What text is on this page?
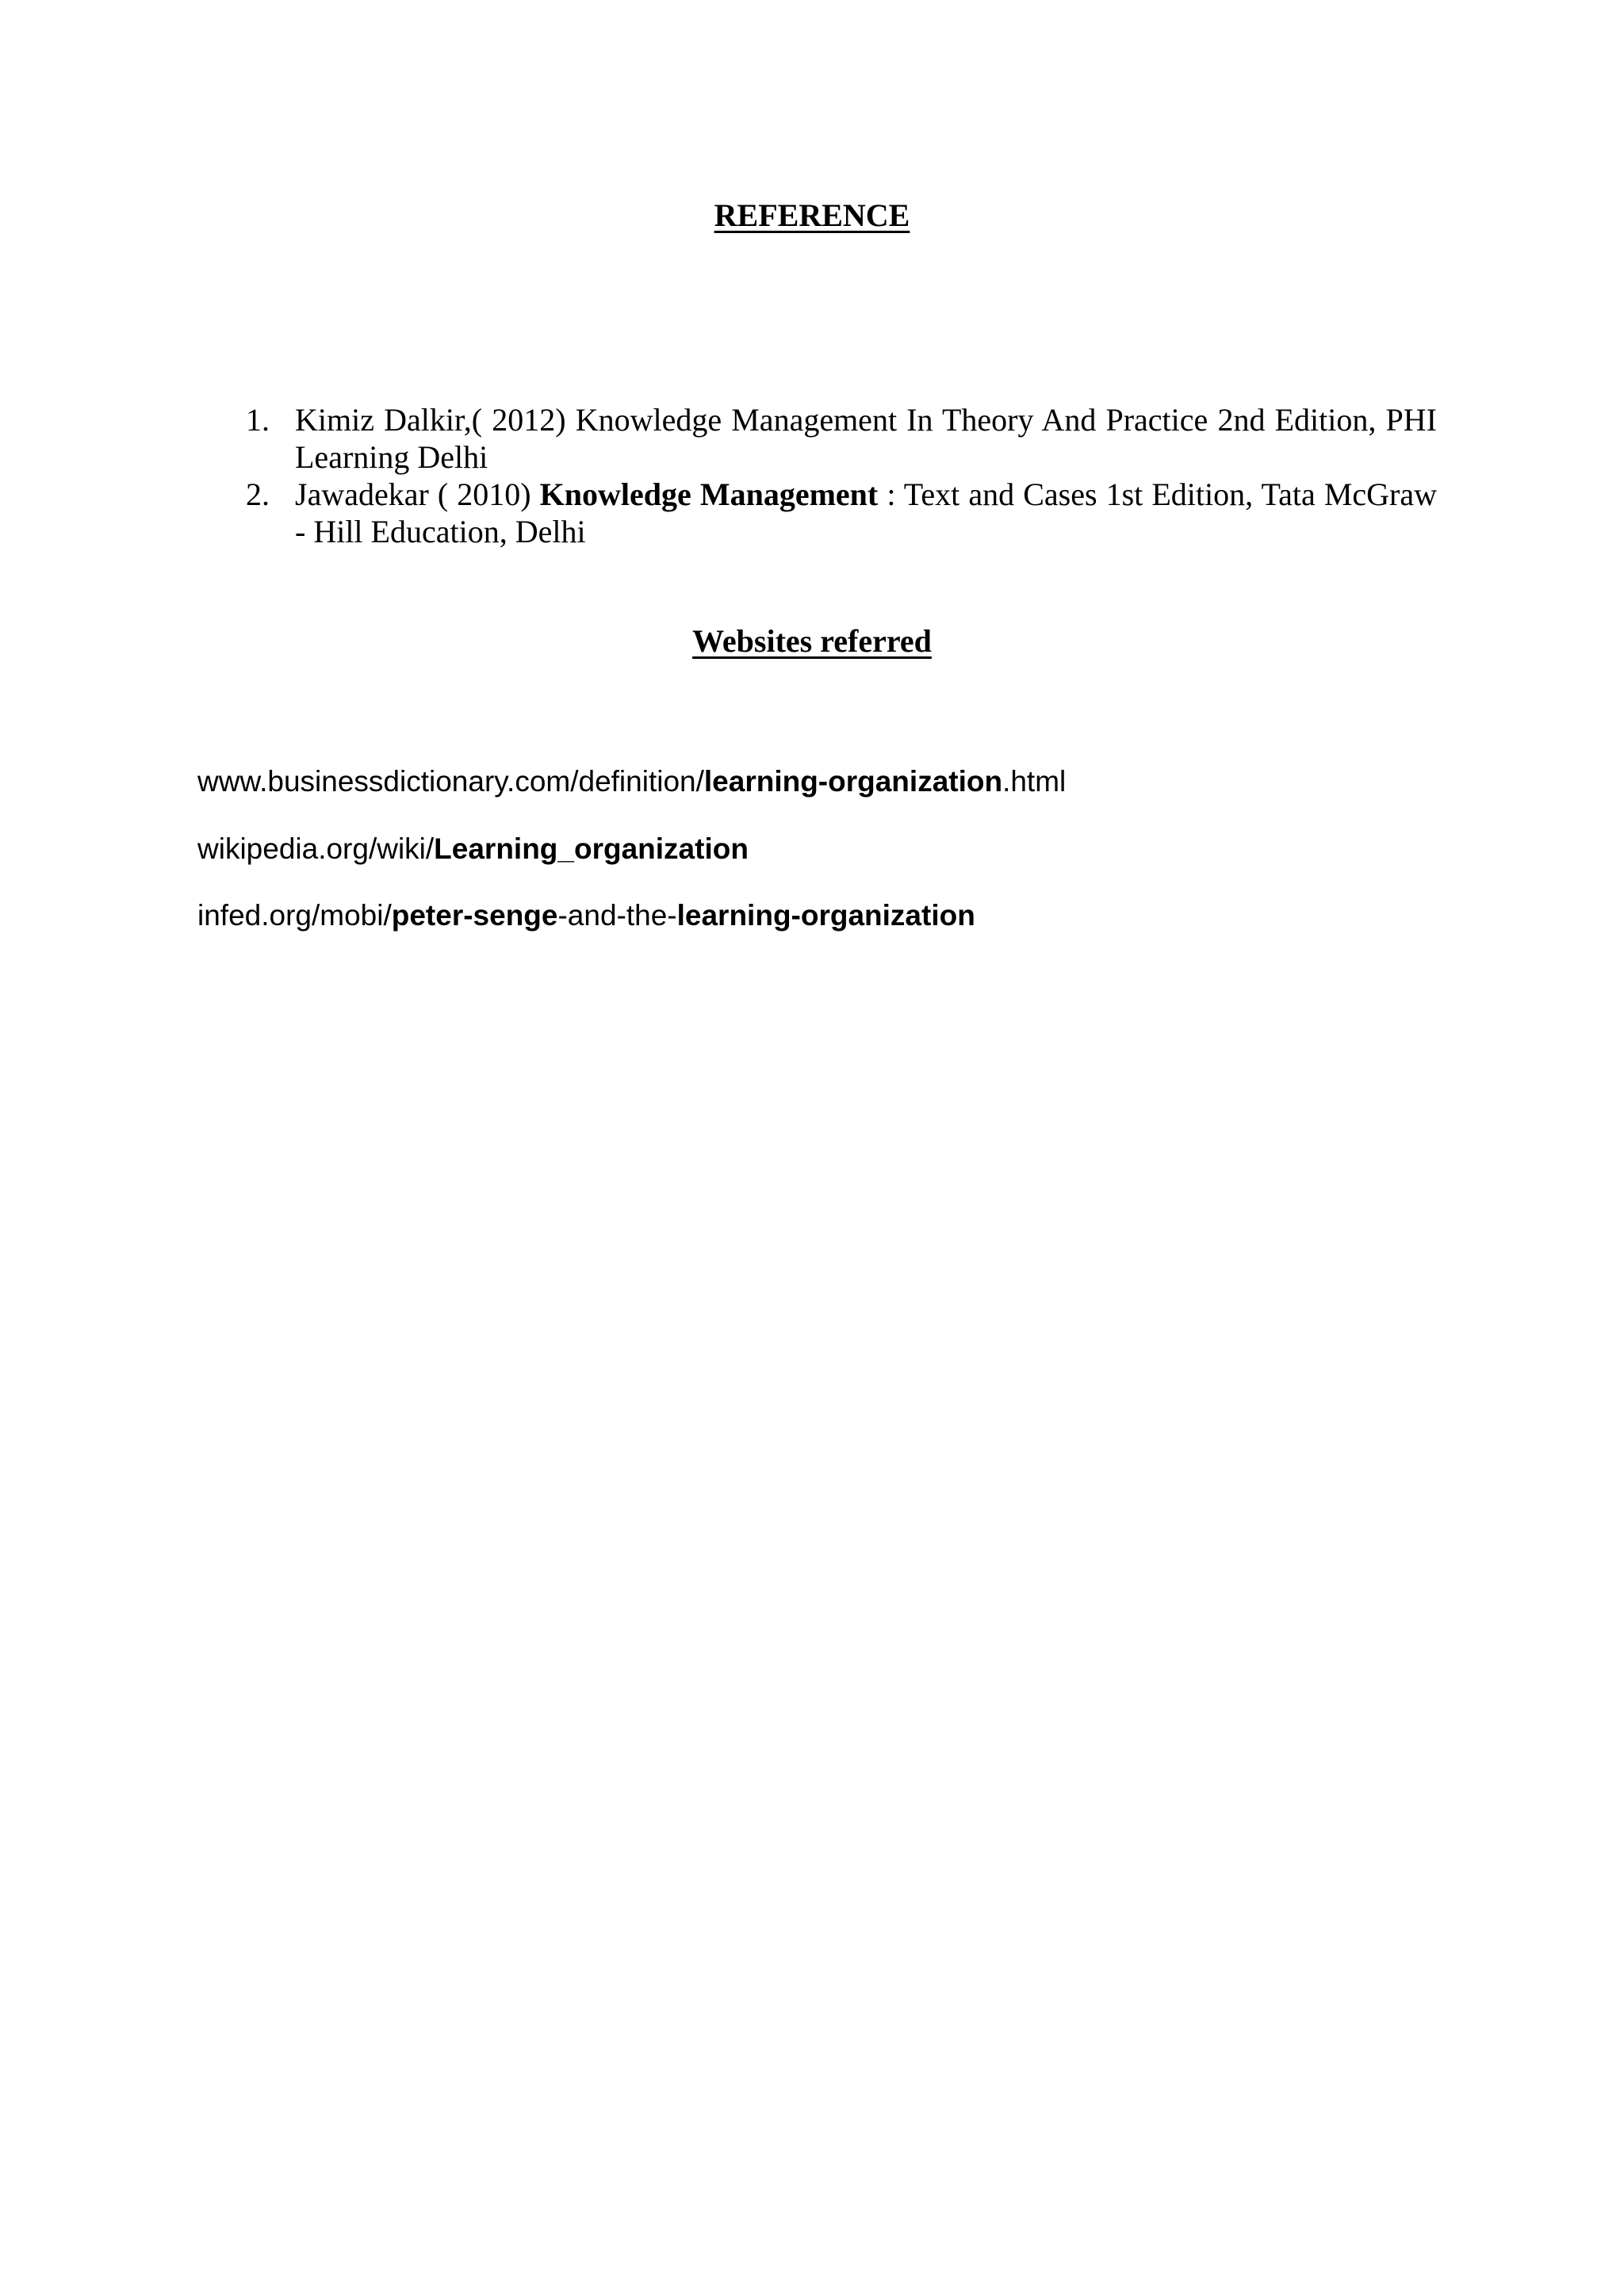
REFERENCE
1. Kimiz Dalkir,( 2012) Knowledge Management In Theory And Practice 2nd Edition, PHI Learning Delhi
2. Jawadekar ( 2010) Knowledge Management : Text and Cases 1st Edition, Tata McGraw - Hill Education, Delhi
Websites referred
www.businessdictionary.com/definition/learning-organization.html
wikipedia.org/wiki/Learning_organization
infed.org/mobi/peter-senge-and-the-learning-organization
